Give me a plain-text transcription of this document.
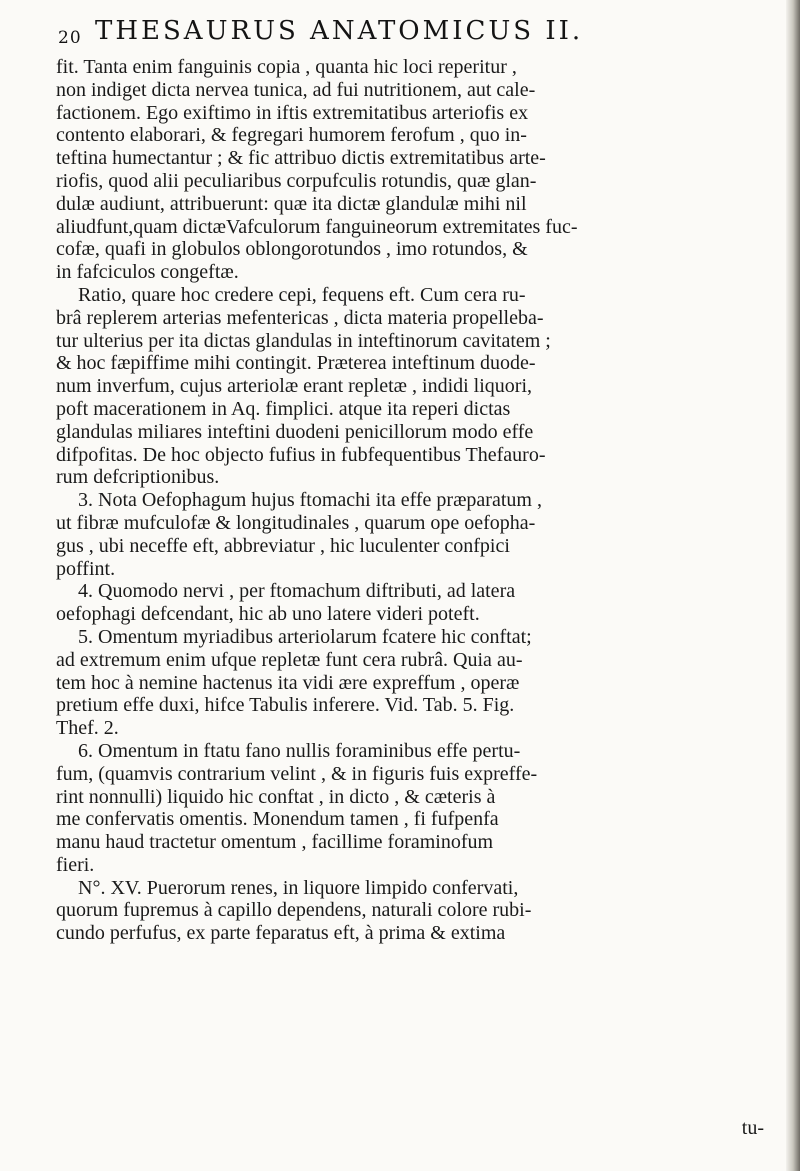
20 THESAURUS ANATOMICUS II.
fit. Tanta enim fanguinis copia , quanta hic loci reperitur ,
non indiget dicta nervea tunica, ad fui nutritionem, aut cale-
factionem. Ego exiftimo in iftis extremitatibus arteriofis ex
contento elaborari, & fegregari humorem ferofum , quo in-
teftina humectantur ; & fic attribuo dictis extremitatibus arte-
riofis, quod alii peculiaribus corpufculis rotundis, quæ glan-
dulæ audiunt, attribuerunt: quæ ita dictæ glandulæ mihi nil
aliudfunt,quam dictæVafculorum fanguineorum extremitates fuc-
cofæ, quafi in globulos oblongorotundos , imo rotundos, &
in fafciculos congeftæ.
Ratio, quare hoc credere cepi, fequens eft. Cum cera ru-
brâ replerem arterias mefentericas , dicta materia propelleba-
tur ulterius per ita dictas glandulas in inteftinorum cavitatem ;
& hoc fæpiffime mihi contingit. Præterea inteftinum duode-
num inverfum, cujus arteriolæ erant repletæ , indidi liquori,
poft macerationem in Aq. fimplici. atque ita reperi dictas
glandulas miliares inteftini duodeni penicillorum modo effe
difpofitas. De hoc objecto fufius in fubfequentibus Thefauro-
rum defcriptionibus.
3. Nota Oefophagum hujus ftomachi ita effe præparatum ,
ut fibræ mufculofæ & longitudinales , quarum ope oefopha-
gus , ubi neceffe eft, abbreviatur , hic luculenter confpici
poffint.
4. Quomodo nervi , per ftomachum diftributi, ad latera
oefophagi defcendant, hic ab uno latere videri poteft.
5. Omentum myriadibus arteriolarum fcatere hic conftat;
ad extremum enim ufque repletæ funt cera rubrâ. Quia au-
tem hoc à nemine hactenus ita vidi ære expreffum , operæ
pretium effe duxi, hifce Tabulis inferere. Vid. Tab. 5. Fig.
Thef. 2.
6. Omentum in ftatu fano nullis foraminibus effe pertu-
fum, (quamvis contrarium velint , & in figuris fuis expreffe-
rint nonnulli) liquido hic conftat , in dicto , & cæteris à
me confervatis omentis. Monendum tamen , fi fufpenfa
manu haud tractetur omentum , facillime foraminofum
fieri.
N°. XV. Puerorum renes, in liquore limpido confervati,
quorum fupremus à capillo dependens, naturali colore rubi-
cundo perfufus, ex parte feparatus eft, à prima & extima
tu-
